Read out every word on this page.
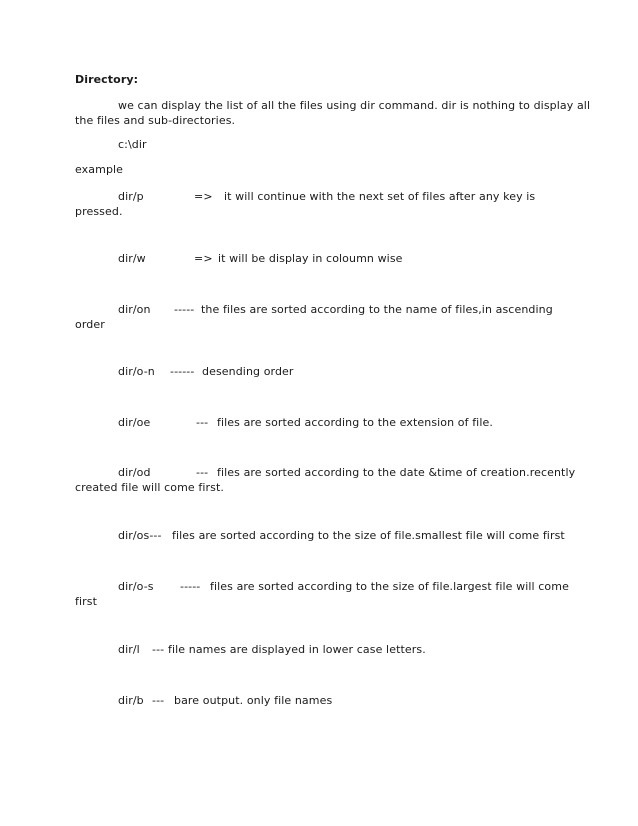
Directory:
we can display the list of all the files using dir command. dir is nothing to display all
the files and sub-directories.
c:\dir
example
dir/p	=> it will continue with the next set of files after any key is
pressed.
dir/w	=> it will be display in coloumn wise
dir/on ----- the files are sorted according to the name of files,in ascending
order
dir/o-n ------ desending order
dir/oe	--- files are sorted according to the extension of file.
dir/od	--- files are sorted according to the date &time of creation.recently
created file will come first.
dir/os--- files are sorted according to the size of file.smallest file will come first
dir/o-s ----- files are sorted according to the size of file.largest file will come
first
dir/l --- file names are displayed in lower case letters.
dir/b --- bare output. only file names
